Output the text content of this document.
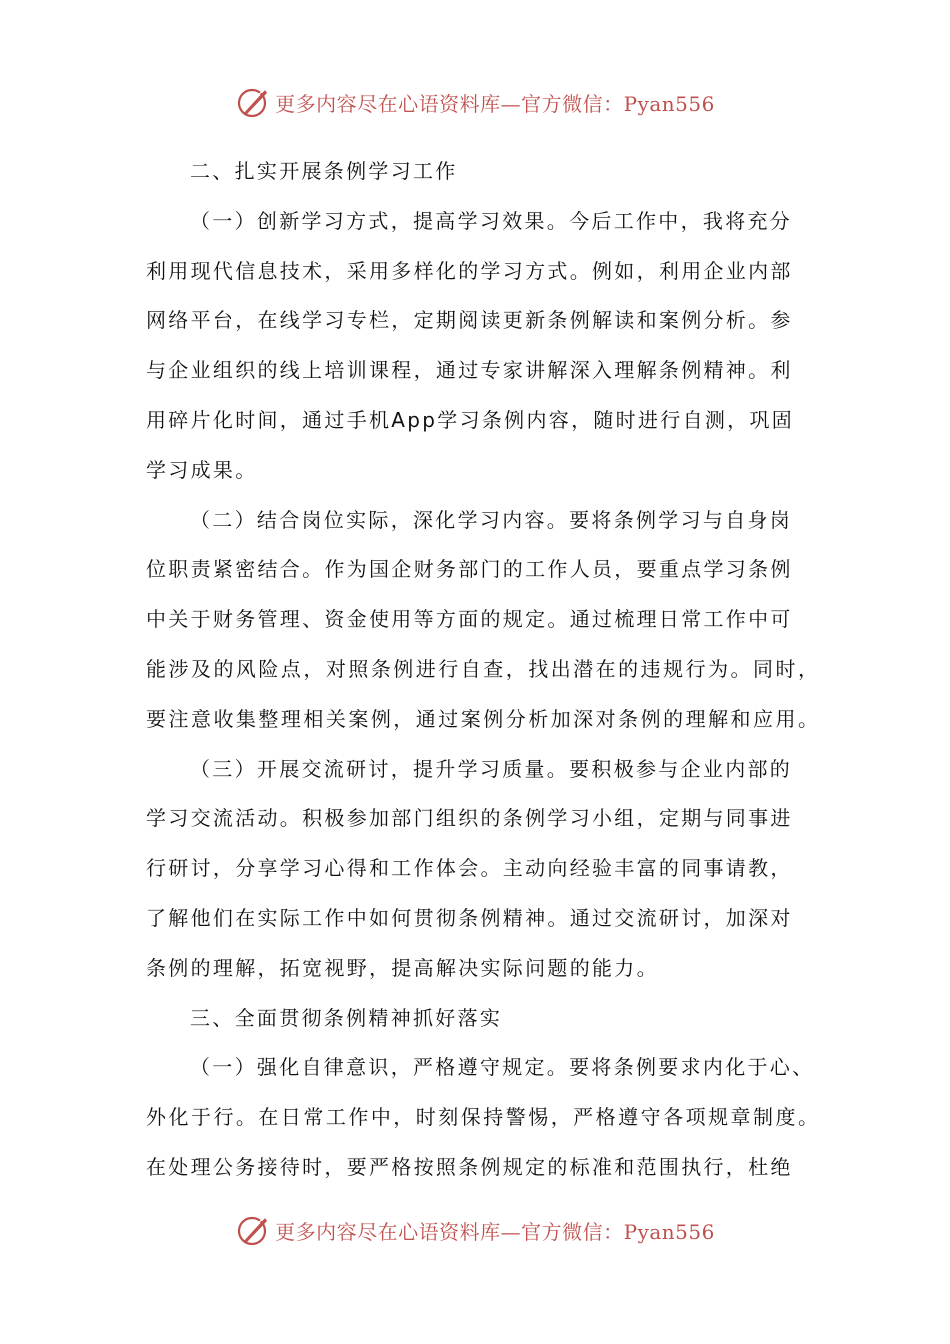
更多内容尽在心语资料库—官方微信：Pyan556
二、扎实开展条例学习工作
（一）创新学习方式，提高学习效果。今后工作中，我将充分
利用现代信息技术，采用多样化的学习方式。例如，利用企业内部
网络平台，在线学习专栏，定期阅读更新条例解读和案例分析。参
与企业组织的线上培训课程，通过专家讲解深入理解条例精神。利
用碎片化时间，通过手机App学习条例内容，随时进行自测，巩固
学习成果。
（二）结合岗位实际，深化学习内容。要将条例学习与自身岗
位职责紧密结合。作为国企财务部门的工作人员，要重点学习条例
中关于财务管理、资金使用等方面的规定。通过梳理日常工作中可
能涉及的风险点，对照条例进行自查，找出潜在的违规行为。同时，
要注意收集整理相关案例，通过案例分析加深对条例的理解和应用。
（三）开展交流研讨，提升学习质量。要积极参与企业内部的
学习交流活动。积极参加部门组织的条例学习小组，定期与同事进
行研讨，分享学习心得和工作体会。主动向经验丰富的同事请教，
了解他们在实际工作中如何贯彻条例精神。通过交流研讨，加深对
条例的理解，拓宽视野，提高解决实际问题的能力。
三、全面贯彻条例精神抓好落实
（一）强化自律意识，严格遵守规定。要将条例要求内化于心、
外化于行。在日常工作中，时刻保持警惕，严格遵守各项规章制度。
在处理公务接待时，要严格按照条例规定的标准和范围执行，杜绝
更多内容尽在心语资料库—官方微信：Pyan556
